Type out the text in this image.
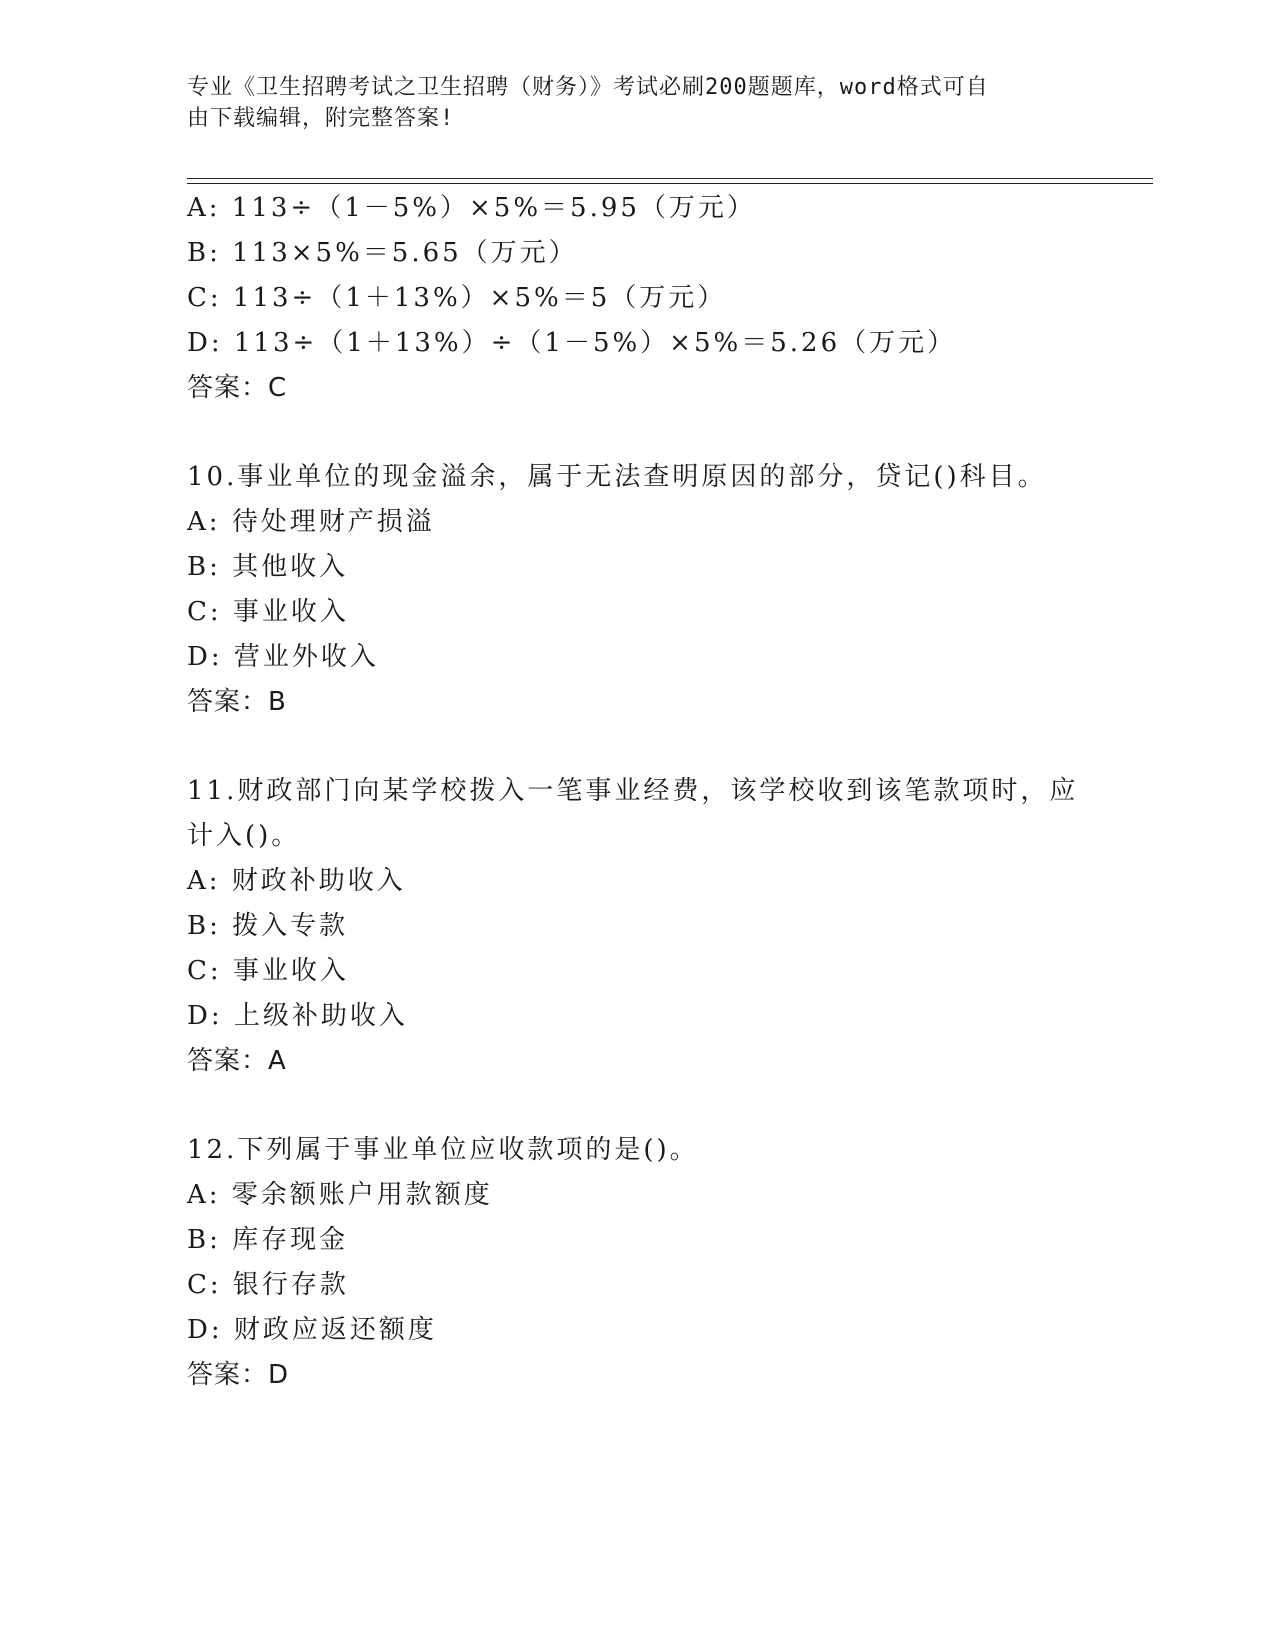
专业《卫生招聘考试之卫生招聘（财务）》考试必刷200题题库，word格式可自
由下载编辑，附完整答案!
A: 113÷（1－5%）×5%＝5.95（万元）
B: 113×5%＝5.65（万元）
C: 113÷（1＋13%）×5%＝5（万元）
D: 113÷（1＋13%）÷（1－5%）×5%＝5.26（万元）
答案：C
10.事业单位的现金溢余，属于无法查明原因的部分，贷记()科目。
A: 待处理财产损溢
B: 其他收入
C: 事业收入
D: 营业外收入
答案：B
11.财政部门向某学校拨入一笔事业经费，该学校收到该笔款项时，应
计入()。
A: 财政补助收入
B: 拨入专款
C: 事业收入
D: 上级补助收入
答案：A
12.下列属于事业单位应收款项的是()。
A: 零余额账户用款额度
B: 库存现金
C: 银行存款
D: 财政应返还额度
答案：D
